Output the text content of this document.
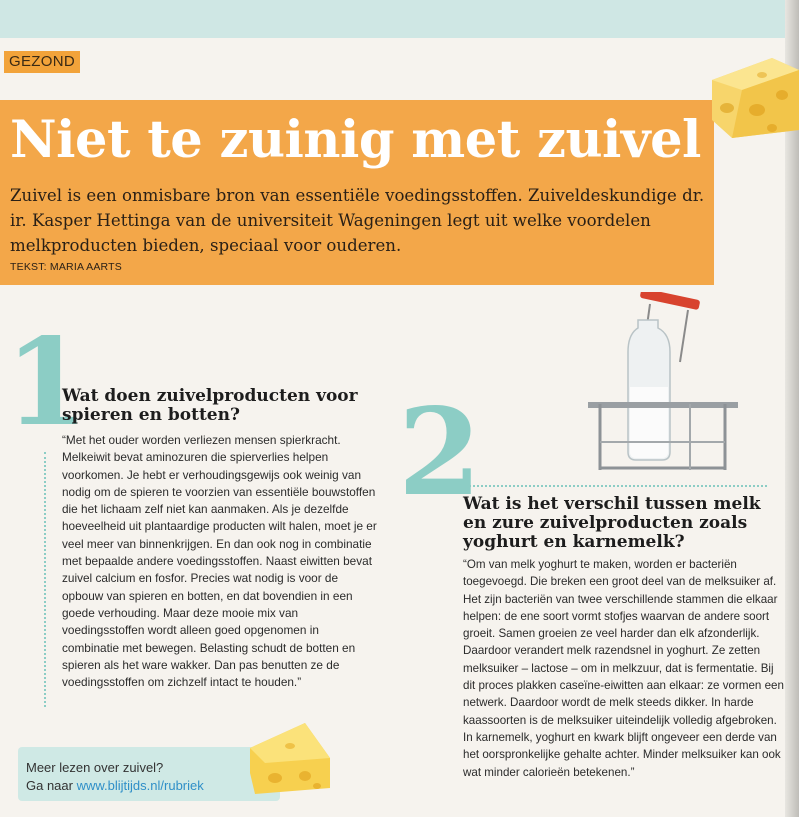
GEZOND
Niet te zuinig met zuivel

Zuivel is een onmisbare bron van essentiële voedingsstoffen. Zuiveldeskundige dr. ir. Kasper Hettinga van de universiteit Wageningen legt uit welke voordelen melkproducten bieden, speciaal voor ouderen.

TEKST: MARIA AARTS
1
Wat doen zuivelproducten voor spieren en botten?

“Met het ouder worden verliezen mensen spierkracht. Melkeiwit bevat aminozuren die spierverlies helpen voorkomen. Je hebt er verhoudingsgewijs ook weinig van nodig om de spieren te voorzien van essentiële bouwstoffen die het lichaam zelf niet kan aanmaken. Als je dezelfde hoeveelheid uit plantaardige producten wilt halen, moet je er veel meer van binnenkrijgen. En dan ook nog in combinatie met bepaalde andere voedingsstoffen. Naast eiwitten bevat zuivel calcium en fosfor. Precies wat nodig is voor de opbouw van spieren en botten, en dat bovendien in een goede verhouding. Maar deze mooie mix van voedingsstoffen wordt alleen goed opgenomen in combinatie met bewegen. Belasting schudt de botten en spieren als het ware wakker. Dan pas benutten ze de voedingsstoffen om zichzelf intact te houden.”

2
Wat is het verschil tussen melk en zure zuivelproducten zoals yoghurt en karnemelk?

“Om van melk yoghurt te maken, worden er bacteriën toegevoegd. Die breken een groot deel van de melksuiker af. Het zijn bacteriën van twee verschillende stammen die elkaar helpen: de ene soort vormt stofjes waarvan de andere soort groeit. Samen groeien ze veel harder dan elk afzonderlijk. Daardoor verandert melk razendsnel in yoghurt. Ze zetten melksuiker – lactose – om in melkzuur, dat is fermentatie. Bij dit proces plakken caseïne-eiwitten aan elkaar: ze vormen een netwerk. Daardoor wordt de melk steeds dikker. In harde kaassoorten is de melksuiker uiteindelijk volledig afgebroken. In karnemelk, yoghurt en kwark blijft ongeveer een derde van het oorspronkelijke gehalte achter. Minder melksuiker kan ook wat minder calorieën betekenen.”

Meer lezen over zuivel?
Ga naar www.blijtijds.nl/rubriek
